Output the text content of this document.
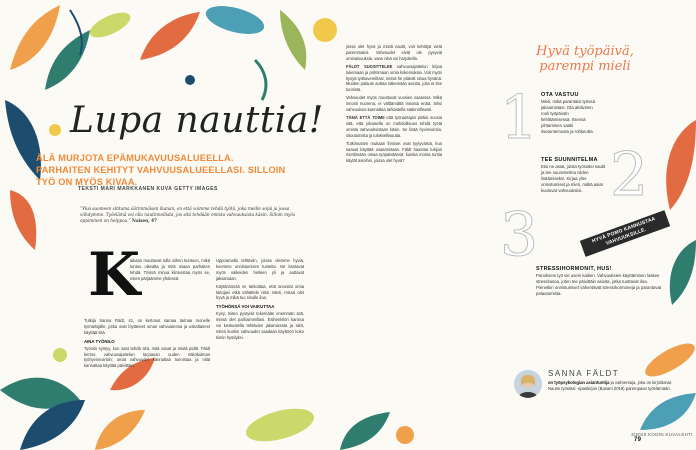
Lupa nauttia!
ÄLÄ MURJOTA EPÄMUKAVUUSALUEELLA. PARHAITEN KEHITYT VAHVUUSALUEELLASI. SILLOIN TYÖ ON MYÖS KIVAA.
TEKSTI MARI MARKKANEN KUVA GETTY IMAGES
”Yksi suomeen sihtuma äärimmäisen ihanan, on että voimme tehdä työtä, joka meille sopii ja jossa viihdymme. Työelämä voi olla nautinnollista, jos sitä tehdään omista vahvuuksista käsin. Silloin myös oppiminen on helppoa.” Naisen, 47
K

aikaan muuttuvat tulla siihen kuntoon, mikä tuntuu oikealta ja mitä osaan parhaiten tehdä. Töissä minua kiinnostaa myös se, miten pärjäämme yhdessä.

Tutkija Sanna Fäldt, 41, on kertonut samaa tarinaa monelle työntekijälle, jotka ovat löytäneet oman vahvuutensa ja uskaltaneet käyttää sitä.

AINA TYÖNILO

Työnilo syntyy, kun saat tehdä sitä, mitä osaat ja mistä pidät. Fäldt kertoo vahvuusajattelun tarjoavan uuden näkökulman työhyvinvointiin: omat vahvuudet kannattaa tunnistaa ja niitä kannattaa käyttää päivittäin.

Uppoamalla tehtäviin, joissa olemme hyviä, koemme onnistumisen tunteita. Ne kantavat myös vaikeiden hetkien yli ja auttavat jaksamaan.

Käytännössä se tarkoittaa, että arvostat omia taitojasi etkä vähättele niitä. Mieti, missä olet hyvä ja mikä tuo sinulle iloa.

TYÖHÖNSÄ VOI VAIKUTTAA

Kysy, miten pystyisit tekemään enemmän sitä, missä olet parhaimmillasi. Esihenkilön kanssa voi keskustella tehtävien jakamisesta ja siitä, miten kunkin vahvuudet saadaan käyttöön koko tiimin hyödyksi.

jossa olet hyvä ja mistä nautit, voit kehittyä vielä paremmaksi. Vahvuudet eivät ole pysyviä ominaisuuksia, vaan niitä voi harjoitella.

FÄLDT SUOSITTELEE vahvuusajattelun kirjaa lukemaan ja pohtimaan omia kokemuksia. Voit myös kysyä työkavereiltasi, missä he pitävät sinua hyvänä. Muiden palaute auttaa näkemään asioita, joita et itse tunnista.

Vahvuudet myös muuttuvat vuosien saatossa. Mikä innosti nuorena, ei välttämättä innosta enää. Siksi vahvuuksia kannattaa tarkastella säännöllisesti.

TÄMÄ ETTÄ TOIMII että työnantajan pitäisi suosia sitä, että jokaisella on mahdollisuus tehdä työtä omista vahvuuksistaan käsin. Se lisää hyvinvointia, sitoutumista ja tuloksellisuutta.

Tutkimusten mukaan ihmiset ovat tyytyväisiä, kun saavat käyttää osaamistaan. Fäldt haastaa lukijan miettimään omaa työpäiväänsä: kuinka monta tuntia käytät asioihin, joissa olet hyvä?

Hyvä työpäivä, parempi mieli
1 OTA VASTUU

Mieti, mikä parantaisi työssä jaksamistasi. Ota aktiivinen rooli työpäivän kehittämisessä. Itsensä johtaminen vaatii itsetuntemusta ja rohkeutta.

2
TEE SUUNNITELMA

Etsi ne asiat, joista työssäsi nautit ja tee suunnitelma niiden lisäämiseksi. Kirjaa ylös onnistumiset ja mieti, mitkä asiat kuuluvat vahvuuksiisi.

HYVÄ POMO KANNUSTAA VAHVUUKSILLE.
3
STRESSIHORMONIT, HUS!

Panokseni työ vie usein kaiken. Vahvuuksien käyttäminen laskee stressitasoa, joten tee päivittäin asioita, jotka tuottavat iloa. Pienetkin onnistumiset vähentävät stressihormoneja ja parantavat palautumista.

SANNA FÄLDT
on työpsykologian asiantuntija ja valmentaja, joka on kirjoittanut Nautin työstäsi -opaskirjan (Basam 2019) parempaan työelämään.
3/2020 KODIN KUVALEHTI 79
